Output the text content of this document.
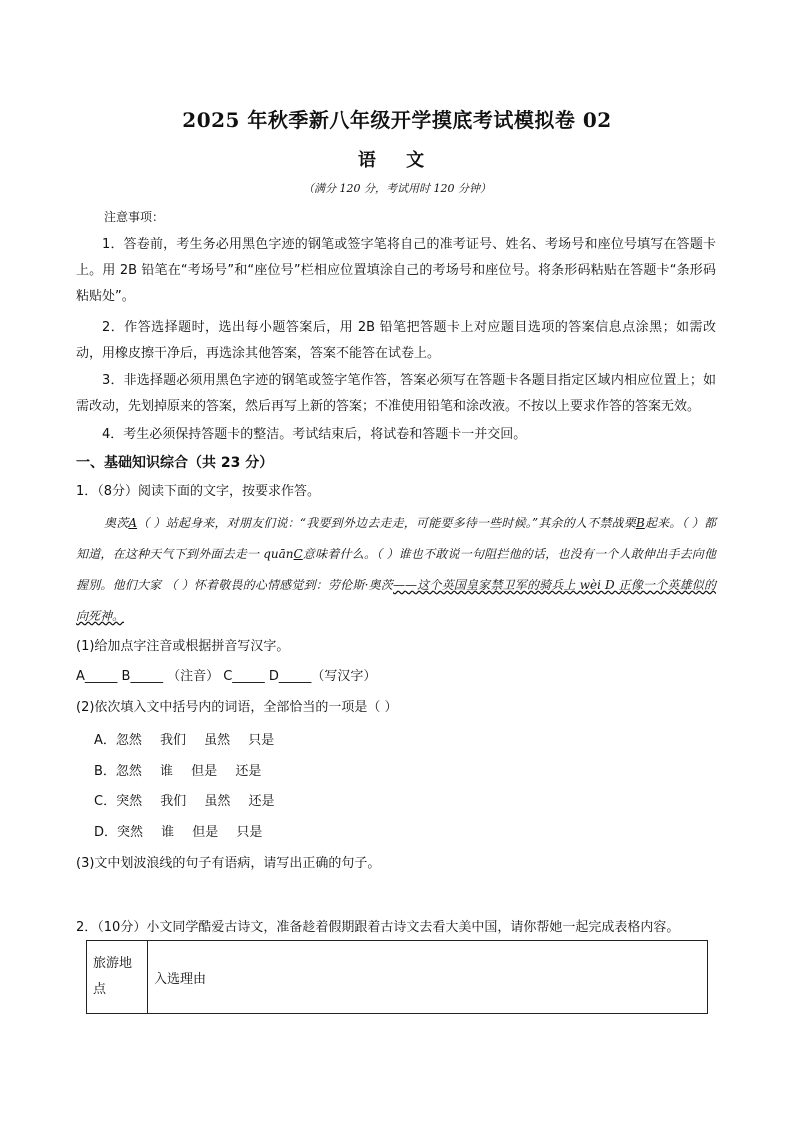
2025 年秋季新八年级开学摸底考试模拟卷 02
语 文
（满分 120 分，考试用时 120 分钟）
注意事项：
1．答卷前，考生务必用黑色字迹的钢笔或签字笔将自己的准考证号、姓名、考场号和座位号填写在答题卡上。用 2B 铅笔在“考场号”和“座位号”栏相应位置填涂自己的考场号和座位号。将条形码粘贴在答题卡“条形码粘贴处”。
2．作答选择题时，选出每小题答案后，用 2B 铅笔把答题卡上对应题目选项的答案信息点涂黑；如需改动，用橡皮擦干净后，再选涂其他答案，答案不能答在试卷上。
3．非选择题必须用黑色字迹的钢笔或签字笔作答，答案必须写在答题卡各题目指定区域内相应位置上；如需改动，先划掉原来的答案，然后再写上新的答案；不准使用铅笔和涂改液。不按以上要求作答的答案无效。
4．考生必须保持答题卡的整洁。考试结束后，将试卷和答题卡一并交回。
一、基础知识综合（共 23 分）
1．（8分）阅读下面的文字，按要求作答。
奥茨A（ ）站起身来，对朋友们说：“我要到外边去走走，可能要多待一些时候。”其余的人不禁战栗B起来。（ ）都知道，在这种天气下到外面去走一 quānC意味着什么。（ ）谁也不敢说一句阻拦他的话，也没有一个人敢伸出手去向他握别。他们大家 （ ）怀着敬畏的心情感觉到：劳伦斯·奥茨——这个英国皇家禁卫军的骑兵上 wèi D 正像一个英雄似的向死神。
(1)给加点字注音或根据拼音写汉字。
A_____ B_____ （注音） C_____ D_____（写汉字）
(2)依次填入文中括号内的词语，全部恰当的一项是（ ）
A．忽然 我们 虽然 只是
B．忽然 谁 但是 还是
C．突然 我们 虽然 还是
D．突然 谁 但是 只是
(3)文中划波浪线的句子有语病，请写出正确的句子。
2．（10分）小文同学酷爱古诗文，准备趁着假期跟着古诗文去看大美中国，请你帮她一起完成表格内容。
旅游地点	入选理由
